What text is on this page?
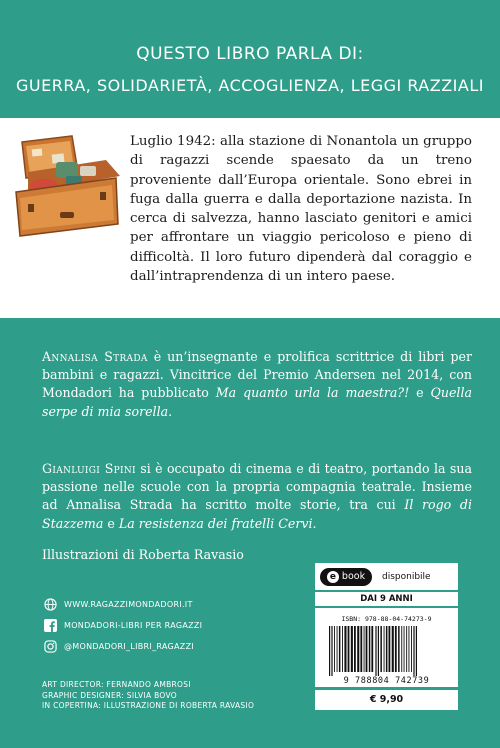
QUESTO LIBRO PARLA DI:
GUERRA, SOLIDARIETÀ, ACCOGLIENZA, LEGGI RAZZIALI

Luglio 1942: alla stazione di Nonantola un gruppo di ragazzi scende spaesato da un treno proveniente dall’Europa orientale. Sono ebrei in fuga dalla guerra e dalla deportazione nazista. In cerca di salvezza, hanno lasciato genitori e amici per affrontare un viaggio pericoloso e pieno di difficoltà. Il loro futuro dipenderà dal coraggio e dall’intraprendenza di un intero paese.

Annalisa Strada è un’insegnante e prolifica scrittrice di libri per bambini e ragazzi. Vincitrice del Premio Andersen nel 2014, con Mondadori ha pubblicato Ma quanto urla la maestra?! e Quella serpe di mia sorella.

Gianluigi Spini si è occupato di cinema e di teatro, portando la sua passione nelle scuole con la propria compagnia teatrale. Insieme ad Annalisa Strada ha scritto molte storie, tra cui Il rogo di Stazzema e La resistenza dei fratelli Cervi.

Illustrazioni di Roberta Ravasio

WWW.RAGAZZIMONDADORI.IT
MONDADORI-LIBRI PER RAGAZZI
@MONDADORI_LIBRI_RAGAZZI
ART DIRECTOR: FERNANDO AMBROSI
GRAPHIC DESIGNER: SILVIA BOVO
IN COPERTINA: ILLUSTRAZIONE DI ROBERTA RAVASIO
e book disponibile
DAI 9 ANNI
ISBN: 978-88-04-74273-9
9 788804 742739
€ 9,90
